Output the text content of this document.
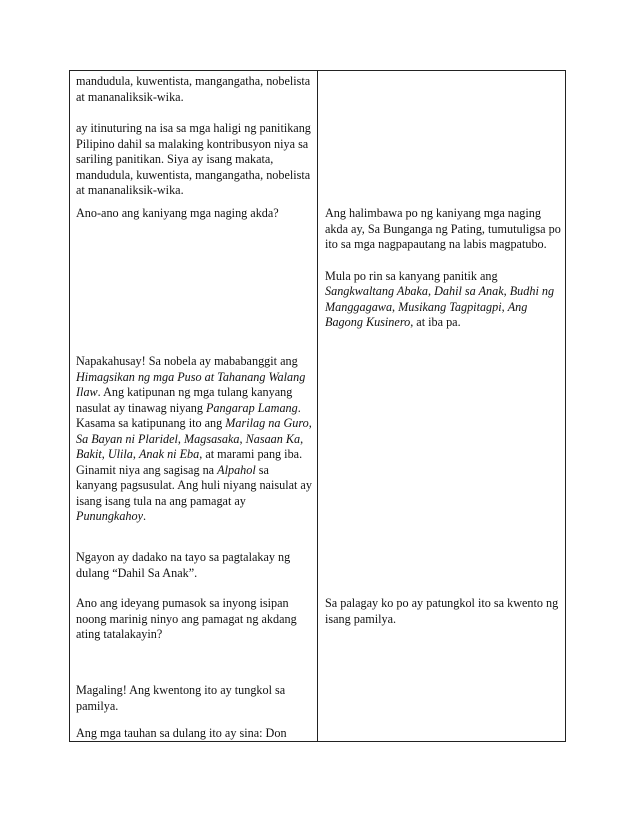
mandudula, kuwentista, mangangatha, nobelista at mananaliksik-wika.

ay itinuturing na isa sa mga haligi ng panitikang Pilipino dahil sa malaking kontribusyon niya sa sariling panitikan. Siya ay isang makata, mandudula, kuwentista, mangangatha, nobelista at mananaliksik-wika.

Ano-ano ang kaniyang mga naging akda?	Ang halimbawa po ng kaniyang mga naging akda ay, Sa Bunganga ng Pating, tumutuligsa po ito sa mga nagpapautang na labis magpatubo.

Mula po rin sa kanyang panitik ang Sangkwaltang Abaka, Dahil sa Anak, Budhi ng Manggagawa, Musikang Tagpitagpi, Ang Bagong Kusinero, at iba pa.

Napakahusay! Sa nobela ay mababanggit ang Himagsikan ng mga Puso at Tahanang Walang Ilaw. Ang katipunan ng mga tulang kanyang nasulat ay tinawag niyang Pangarap Lamang. Kasama sa katipunang ito ang Marilag na Guro, Sa Bayan ni Plaridel, Magsasaka, Nasaan Ka, Bakit, Ulila, Anak ni Eba, at marami pang iba. Ginamit niya ang sagisag na Alpahol sa kanyang pagsusulat. Ang huli niyang naisulat ay isang isang tula na ang pamagat ay Punungkahoy.

Ngayon ay dadako na tayo sa pagtalakay ng dulang “Dahil Sa Anak”.

Ano ang ideyang pumasok sa inyong isipan noong marinig ninyo ang pamagat ng akdang ating tatalakayin?

Sa palagay ko po ay patungkol ito sa kwento ng isang pamilya.

Magaling! Ang kwentong ito ay tungkol sa pamilya.

Ang mga tauhan sa dulang ito ay sina: Don
